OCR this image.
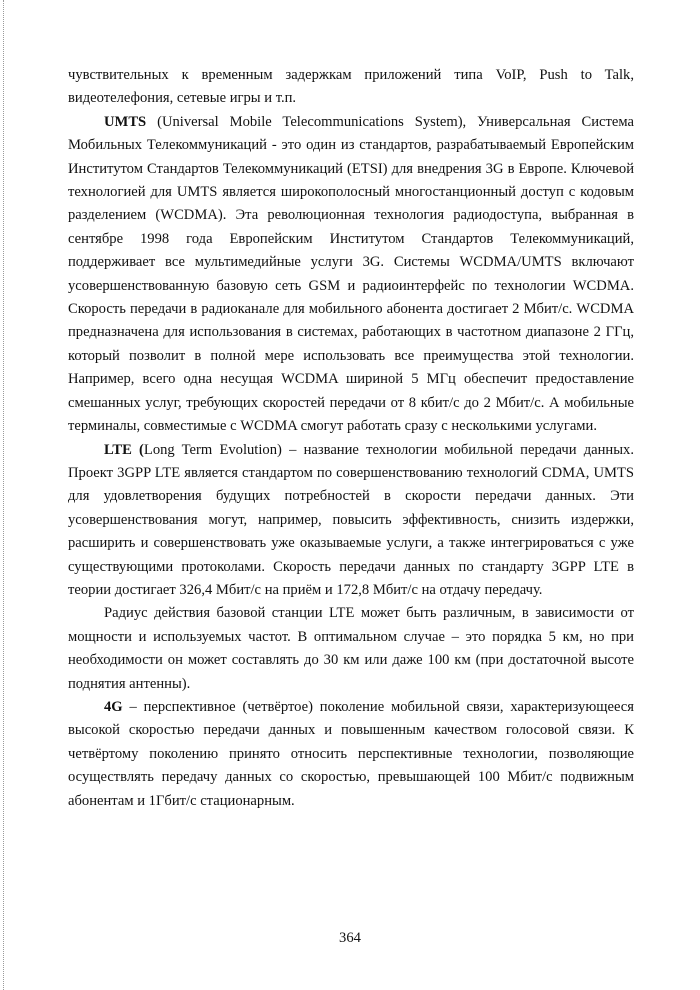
чувствительных к временным задержкам приложений типа VoIP, Push to Talk, видеотелефония, сетевые игры и т.п.

UMTS (Universal Mobile Telecommunications System), Универсальная Система Мобильных Телекоммуникаций - это один из стандартов, разрабатываемый Европейским Институтом Стандартов Телекоммуникаций (ETSI) для внедрения 3G в Европе. Ключевой технологией для UMTS является широкополосный многостанционный доступ с кодовым разделением (WCDMA). Эта революционная технология радиодоступа, выбранная в сентябре 1998 года Европейским Институтом Стандартов Телекоммуникаций, поддерживает все мультимедийные услуги 3G. Системы WCDMA/UMTS включают усовершенствованную базовую сеть GSM и радиоинтерфейс по технологии WCDMA. Скорость передачи в радиоканале для мобильного абонента достигает 2 Мбит/с. WCDMA предназначена для использования в системах, работающих в частотном диапазоне 2 ГГц, который позволит в полной мере использовать все преимущества этой технологии. Например, всего одна несущая WCDMA шириной 5 МГц обеспечит предоставление смешанных услуг, требующих скоростей передачи от 8 кбит/с до 2 Мбит/с. А мобильные терминалы, совместимые с WCDMA смогут работать сразу с несколькими услугами.

LTE (Long Term Evolution) – название технологии мобильной передачи данных. Проект 3GPP LTE является стандартом по совершенствованию технологий CDMA, UMTS для удовлетворения будущих потребностей в скорости передачи данных. Эти усовершенствования могут, например, повысить эффективность, снизить издержки, расширить и совершенствовать уже оказываемые услуги, а также интегрироваться с уже существующими протоколами. Скорость передачи данных по стандарту 3GPP LTE в теории достигает 326,4 Мбит/с на приём и 172,8 Мбит/с на отдачу передачу.

Радиус действия базовой станции LTE может быть различным, в зависимости от мощности и используемых частот. В оптимальном случае – это порядка 5 км, но при необходимости он может составлять до 30 км или даже 100 км (при достаточной высоте поднятия антенны).

4G – перспективное (четвёртое) поколение мобильной связи, характеризующееся высокой скоростью передачи данных и повышенным качеством голосовой связи. К четвёртому поколению принято относить перспективные технологии, позволяющие осуществлять передачу данных со скоростью, превышающей 100 Мбит/с подвижным абонентам и 1Гбит/с стационарным.

364
